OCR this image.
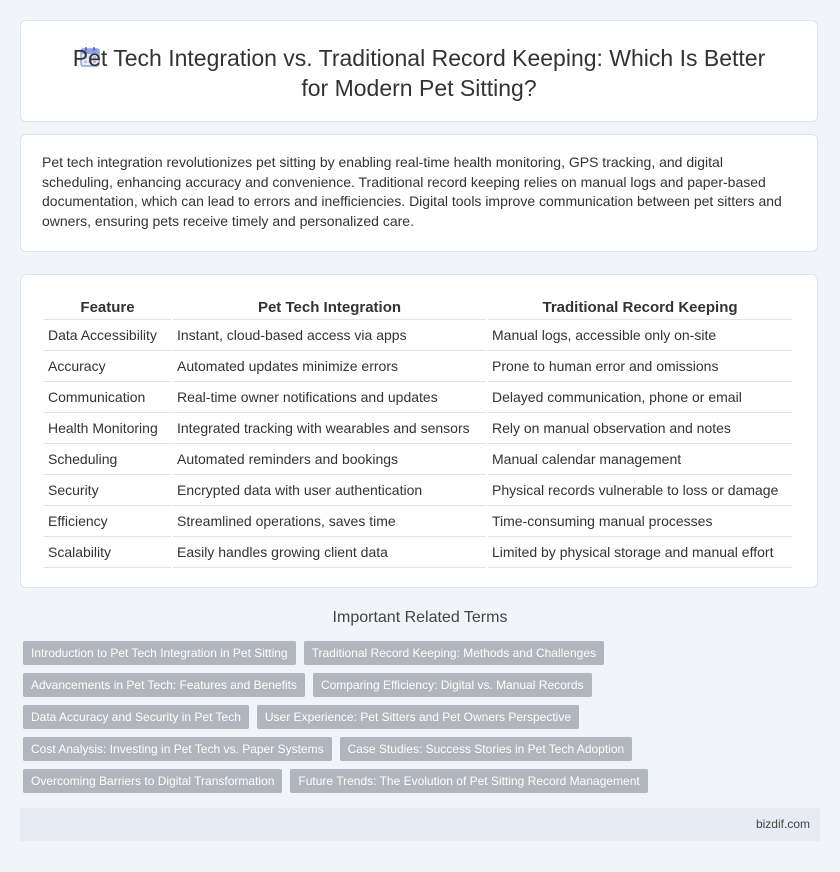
Pet Tech Integration vs. Traditional Record Keeping: Which Is Better for Modern Pet Sitting?

Pet tech integration revolutionizes pet sitting by enabling real-time health monitoring, GPS tracking, and digital scheduling, enhancing accuracy and convenience. Traditional record keeping relies on manual logs and paper-based documentation, which can lead to errors and inefficiencies. Digital tools improve communication between pet sitters and owners, ensuring pets receive timely and personalized care.

Feature	Pet Tech Integration	Traditional Record Keeping
Data Accessibility	Instant, cloud-based access via apps	Manual logs, accessible only on-site
Accuracy	Automated updates minimize errors	Prone to human error and omissions
Communication	Real-time owner notifications and updates	Delayed communication, phone or email
Health Monitoring	Integrated tracking with wearables and sensors	Rely on manual observation and notes
Scheduling	Automated reminders and bookings	Manual calendar management
Security	Encrypted data with user authentication	Physical records vulnerable to loss or damage
Efficiency	Streamlined operations, saves time	Time-consuming manual processes
Scalability	Easily handles growing client data	Limited by physical storage and manual effort
Important Related Terms
Introduction to Pet Tech Integration in Pet Sitting	Traditional Record Keeping: Methods and Challenges
Advancements in Pet Tech: Features and Benefits	Comparing Efficiency: Digital vs. Manual Records
Data Accuracy and Security in Pet Tech	User Experience: Pet Sitters and Pet Owners Perspective
Cost Analysis: Investing in Pet Tech vs. Paper Systems	Case Studies: Success Stories in Pet Tech Adoption
Overcoming Barriers to Digital Transformation	Future Trends: The Evolution of Pet Sitting Record Management
bizdif.com
